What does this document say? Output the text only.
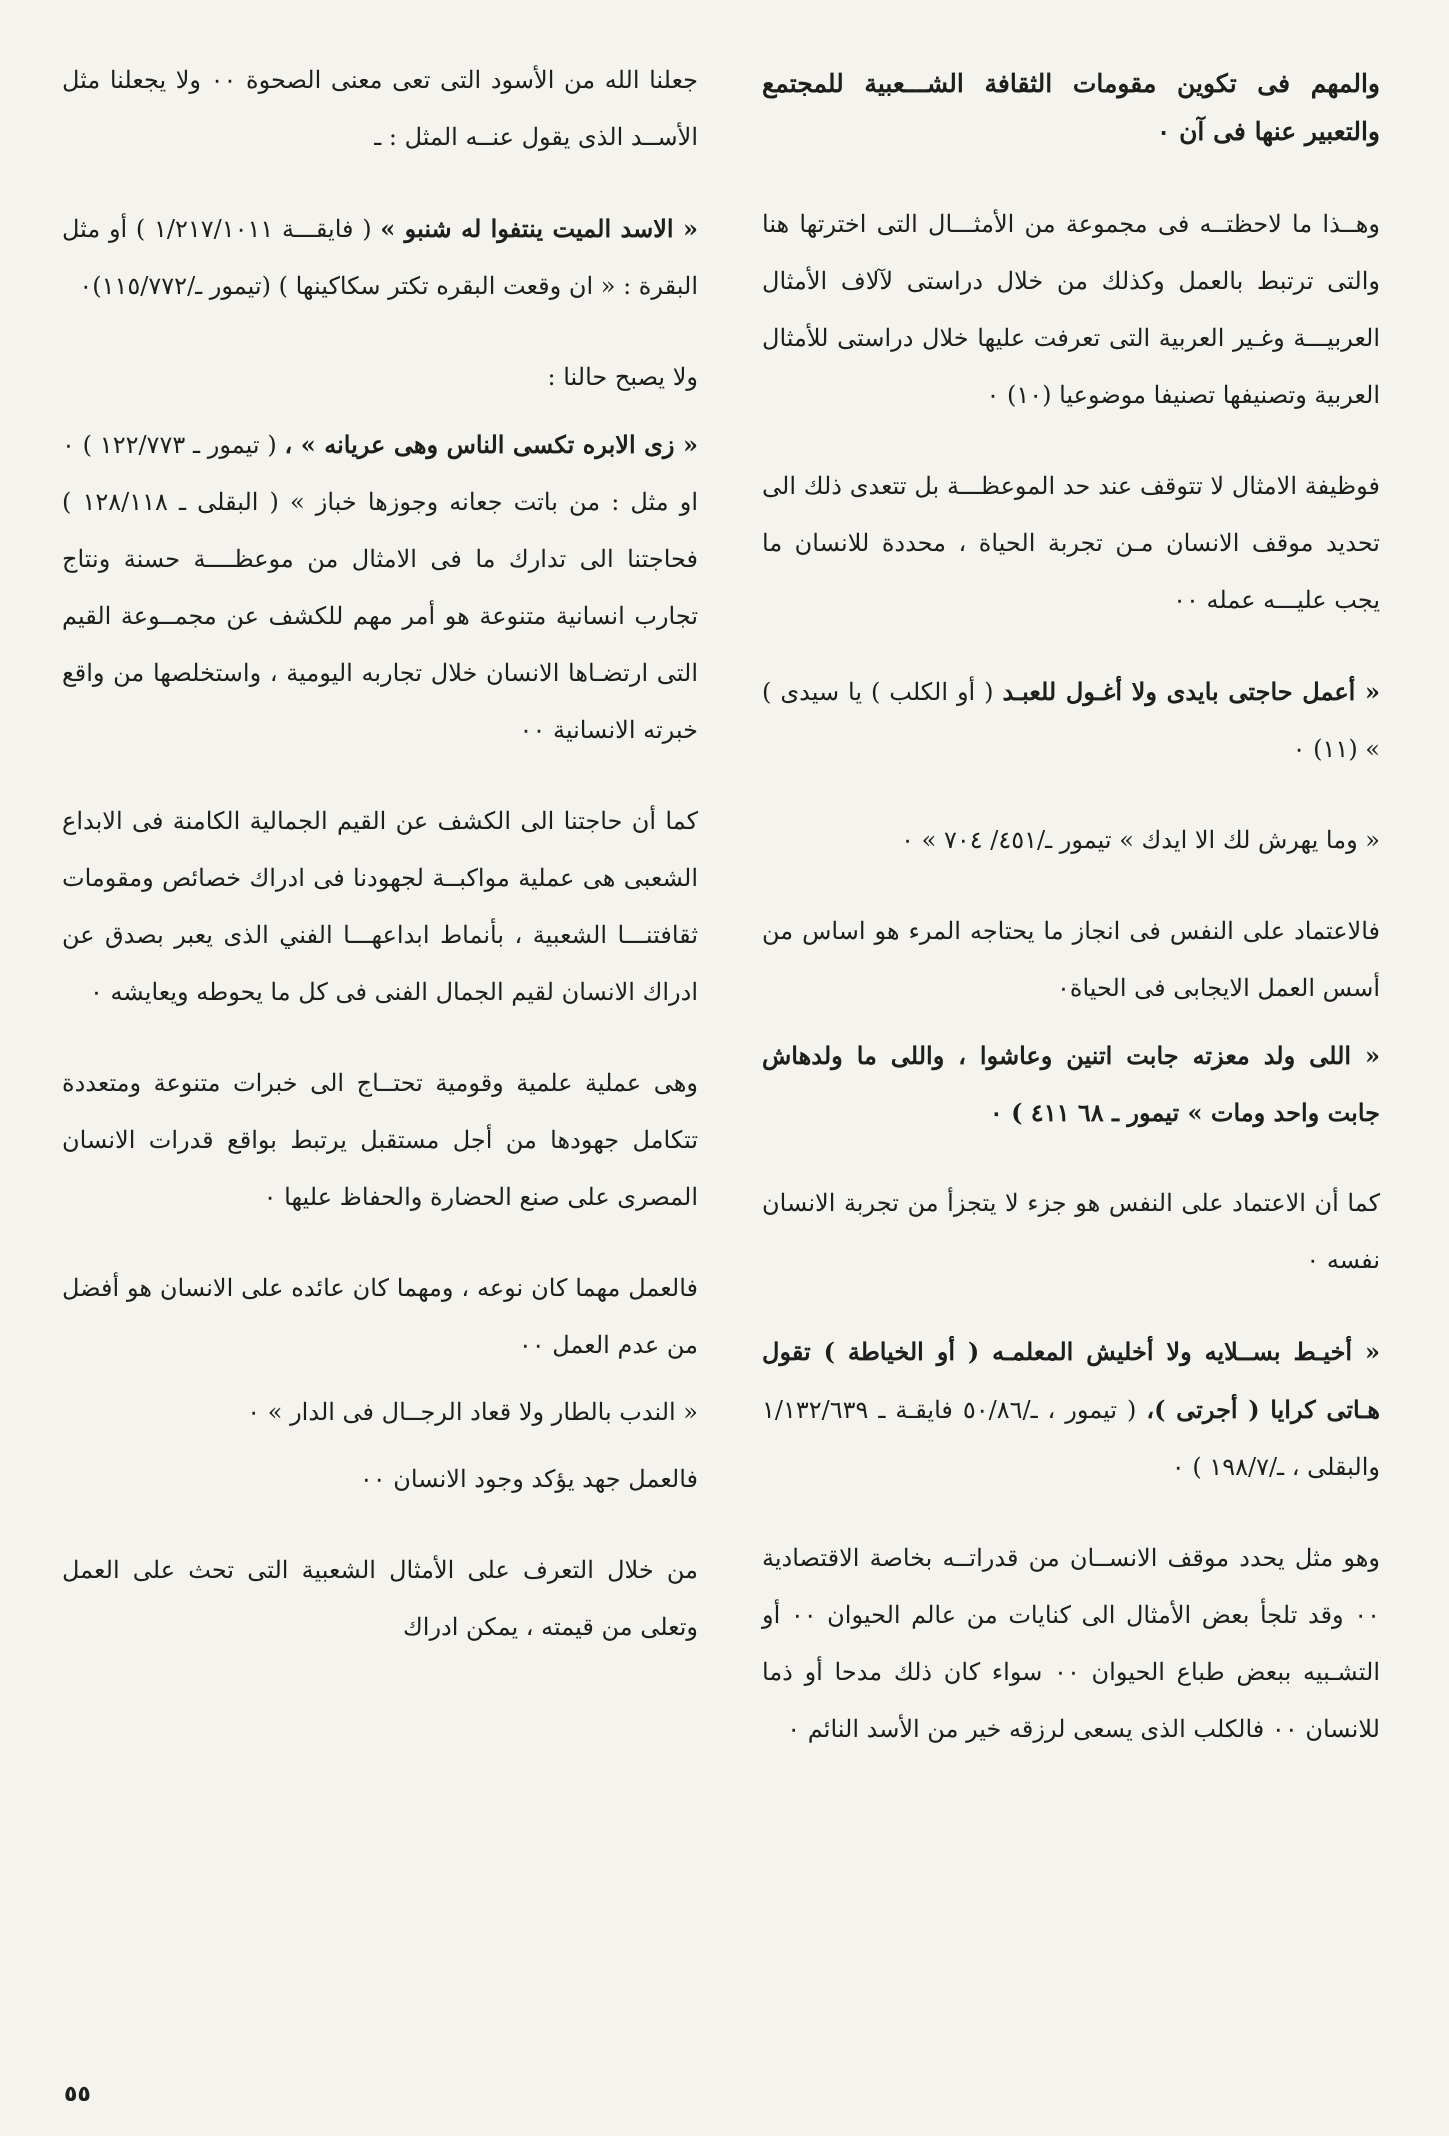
والمهم فى تكوين مقومات الثقافة الشـــعبية للمجتمع والتعبير عنها فى آن ٠

وهــذا ما لاحظتــه فى مجموعة من الأمثـــال التى اخترتها هنا والتى ترتبط بالعمل وكذلك من خلال دراستى لآلاف الأمثال العربيـــة وغـير العربية التى تعرفت عليها خلال دراستى للأمثال العربية وتصنيفها تصنيفا موضوعيا (١٠) ٠

فوظيفة الامثال لا تتوقف عند حد الموعظـــة بل تتعدى ذلك الى تحديد موقف الانسان مـن تجربة الحياة ، محددة للانسان ما يجب عليـــه عمله ٠٠

« أعمل حاجتى بايدى ولا أغـول للعبـد ( أو الكلب ) يا سيدى ) » (١١) ٠

« وما يهرش لك الا ايدك » تيمور ـ/٤٥١/ ٧٠٤ » ٠

فالاعتماد على النفس فى انجاز ما يحتاجه المرء هو اساس من أسس العمل الايجابى فى الحياة٠

« اللى ولد معزته جابت اتنين وعاشوا ، واللى ما ولدهاش جابت واحد ومات » تيمور ـ ٦٨ ٤١١ ) ٠

كما أن الاعتماد على النفس هو جزء لا يتجزأ من تجربة الانسان نفسه ٠

« أخيـط بســلايه ولا أخليش المعلمـه ( أو الخياطة ) تقول هـاتى كرايا ( أجرتى )، ( تيمور ، ـ/٥٠/٨٦ فايقـة ـ ١/١٣٢/٦٣٩ والبقلى ، ـ/١٩٨/٧ ) ٠

وهو مثل يحدد موقف الانســان من قدراتــه بخاصة الاقتصادية ٠٠ وقد تلجأ بعض الأمثال الى كنايات من عالم الحيوان ٠٠ أو التشـبيه ببعض طباع الحيوان ٠٠ سواء كان ذلك مدحا أو ذما للانسان ٠٠ فالكلب الذى يسعى لرزقه خير من الأسد النائم ٠

جعلنا الله من الأسود التى تعى معنى الصحوة ٠٠ ولا يجعلنا مثل الأســد الذى يقول عنــه المثل : ـ

« الاسد الميت ينتفوا له شنبو » ( فايقـــة ١/٢١٧/١٠١١ ) أو مثل البقرة : « ان وقعت البقره تكتر سكاكينها ) (تيمور ـ/١١٥/٧٧٢)٠

ولا يصبح حالنا :

« زى الابره تكسى الناس وهى عريانه » ، ( تيمور ـ ١٢٢/٧٧٣ ) ٠ او مثل : من باتت جعانه وجوزها خباز » ( البقلى ـ ١٢٨/١١٨ ) فحاجتنا الى تدارك ما فى الامثال من موعظــــة حسنة ونتاج تجارب انسانية متنوعة هو أمر مهم للكشف عن مجمــوعة القيم التى ارتضـاها الانسان خلال تجاربه اليومية ، واستخلصها من واقع خبرته الانسانية ٠٠

كما أن حاجتنا الى الكشف عن القيم الجمالية الكامنة فى الابداع الشعبى هى عملية مواكبــة لجهودنا فى ادراك خصائص ومقومات ثقافتنـــا الشعبية ، بأنماط ابداعهـــا الفني الذى يعبر بصدق عن ادراك الانسان لقيم الجمال الفنى فى كل ما يحوطه ويعايشه ٠

وهى عملية علمية وقومية تحتــاج الى خبرات متنوعة ومتعددة تتكامل جهودها من أجل مستقبل يرتبط بواقع قدرات الانسان المصرى على صنع الحضارة والحفاظ عليها ٠

فالعمل مهما كان نوعه ، ومهما كان عائده على الانسان هو أفضل من عدم العمل ٠٠

« الندب بالطار ولا قعاد الرجــال فى الدار » ٠

فالعمل جهد يؤكد وجود الانسان ٠٠

من خلال التعرف على الأمثال الشعبية التى تحث على العمل وتعلى من قيمته ، يمكن ادراك

٥٥
